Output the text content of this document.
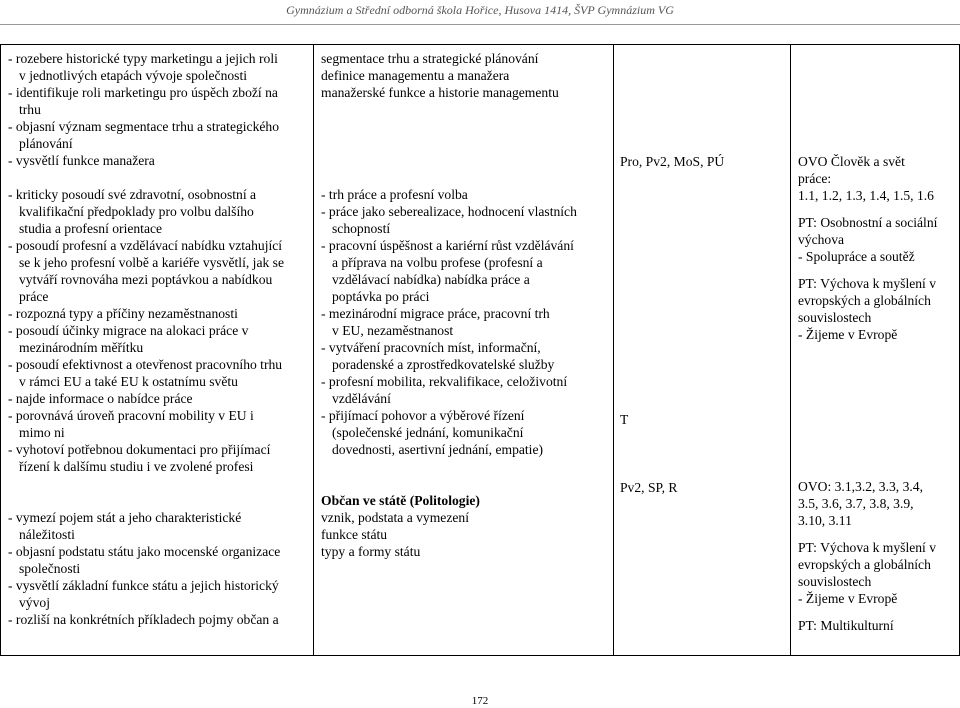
Gymnázium a Střední odborná škola Hořice, Husova 1414, ŠVP Gymnázium VG
- rozebere historické typy marketingu a jejich roli
v jednotlivých etapách vývoje společnosti
- identifikuje roli marketingu pro úspěch zboží na
trhu
- objasní význam segmentace trhu a strategického
plánování
- vysvětlí funkce manažera
- kriticky posoudí své zdravotní, osobnostní a
kvalifikační předpoklady pro volbu dalšího
studia a profesní orientace
- posoudí profesní a vzdělávací nabídku vztahující
se k jeho profesní volbě a kariéře vysvětlí, jak se
vytváří rovnováha mezi poptávkou a nabídkou
práce
- rozpozná typy a příčiny nezaměstnanosti
- posoudí účinky migrace na alokaci práce v
mezinárodním měřítku
- posoudí efektivnost a otevřenost pracovního trhu
v rámci EU a také EU k ostatnímu světu
- najde informace o nabídce práce
- porovnává úroveň pracovní mobility v EU i
mimo ni
- vyhotoví potřebnou dokumentaci pro přijímací
řízení k dalšímu studiu i ve zvolené profesi
- vymezí pojem stát a jeho charakteristické
náležitosti
- objasní podstatu státu jako mocenské organizace
společnosti
- vysvětlí základní funkce státu a jejich historický
vývoj
- rozliší na konkrétních příkladech pojmy občan a
segmentace trhu a strategické plánování
definice managementu a manažera
manažerské funkce a historie managementu
- trh práce a profesní volba
- práce jako seberealizace, hodnocení vlastních
schopností
- pracovní úspěšnost a kariérní růst vzdělávání
a příprava na volbu profese (profesní a
vzdělávací nabídka) nabídka práce a
poptávka po práci
- mezinárodní migrace práce, pracovní trh
v EU, nezaměstnanost
- vytváření pracovních míst, informační,
poradenské a zprostředkovatelské služby
- profesní mobilita, rekvalifikace, celoživotní
vzdělávání
- přijímací pohovor a výběrové řízení
(společenské jednání, komunikační
dovednosti, asertivní jednání, empatie)
Občan ve státě (Politologie)
vznik, podstata a vymezení
funkce státu
typy a formy státu
Pro, Pv2, MoS, PÚ
T
Pv2, SP, R
OVO Člověk a svět
práce:
1.1, 1.2, 1.3, 1.4, 1.5, 1.6
PT: Osobnostní a sociální
výchova
- Spolupráce a soutěž
PT: Výchova k myšlení v
evropských a globálních
souvislostech
- Žijeme v Evropě
OVO: 3.1,3.2, 3.3, 3.4,
3.5, 3.6, 3.7, 3.8, 3.9,
3.10, 3.11
PT: Výchova k myšlení v
evropských a globálních
souvislostech
- Žijeme v Evropě
PT: Multikulturní
172
